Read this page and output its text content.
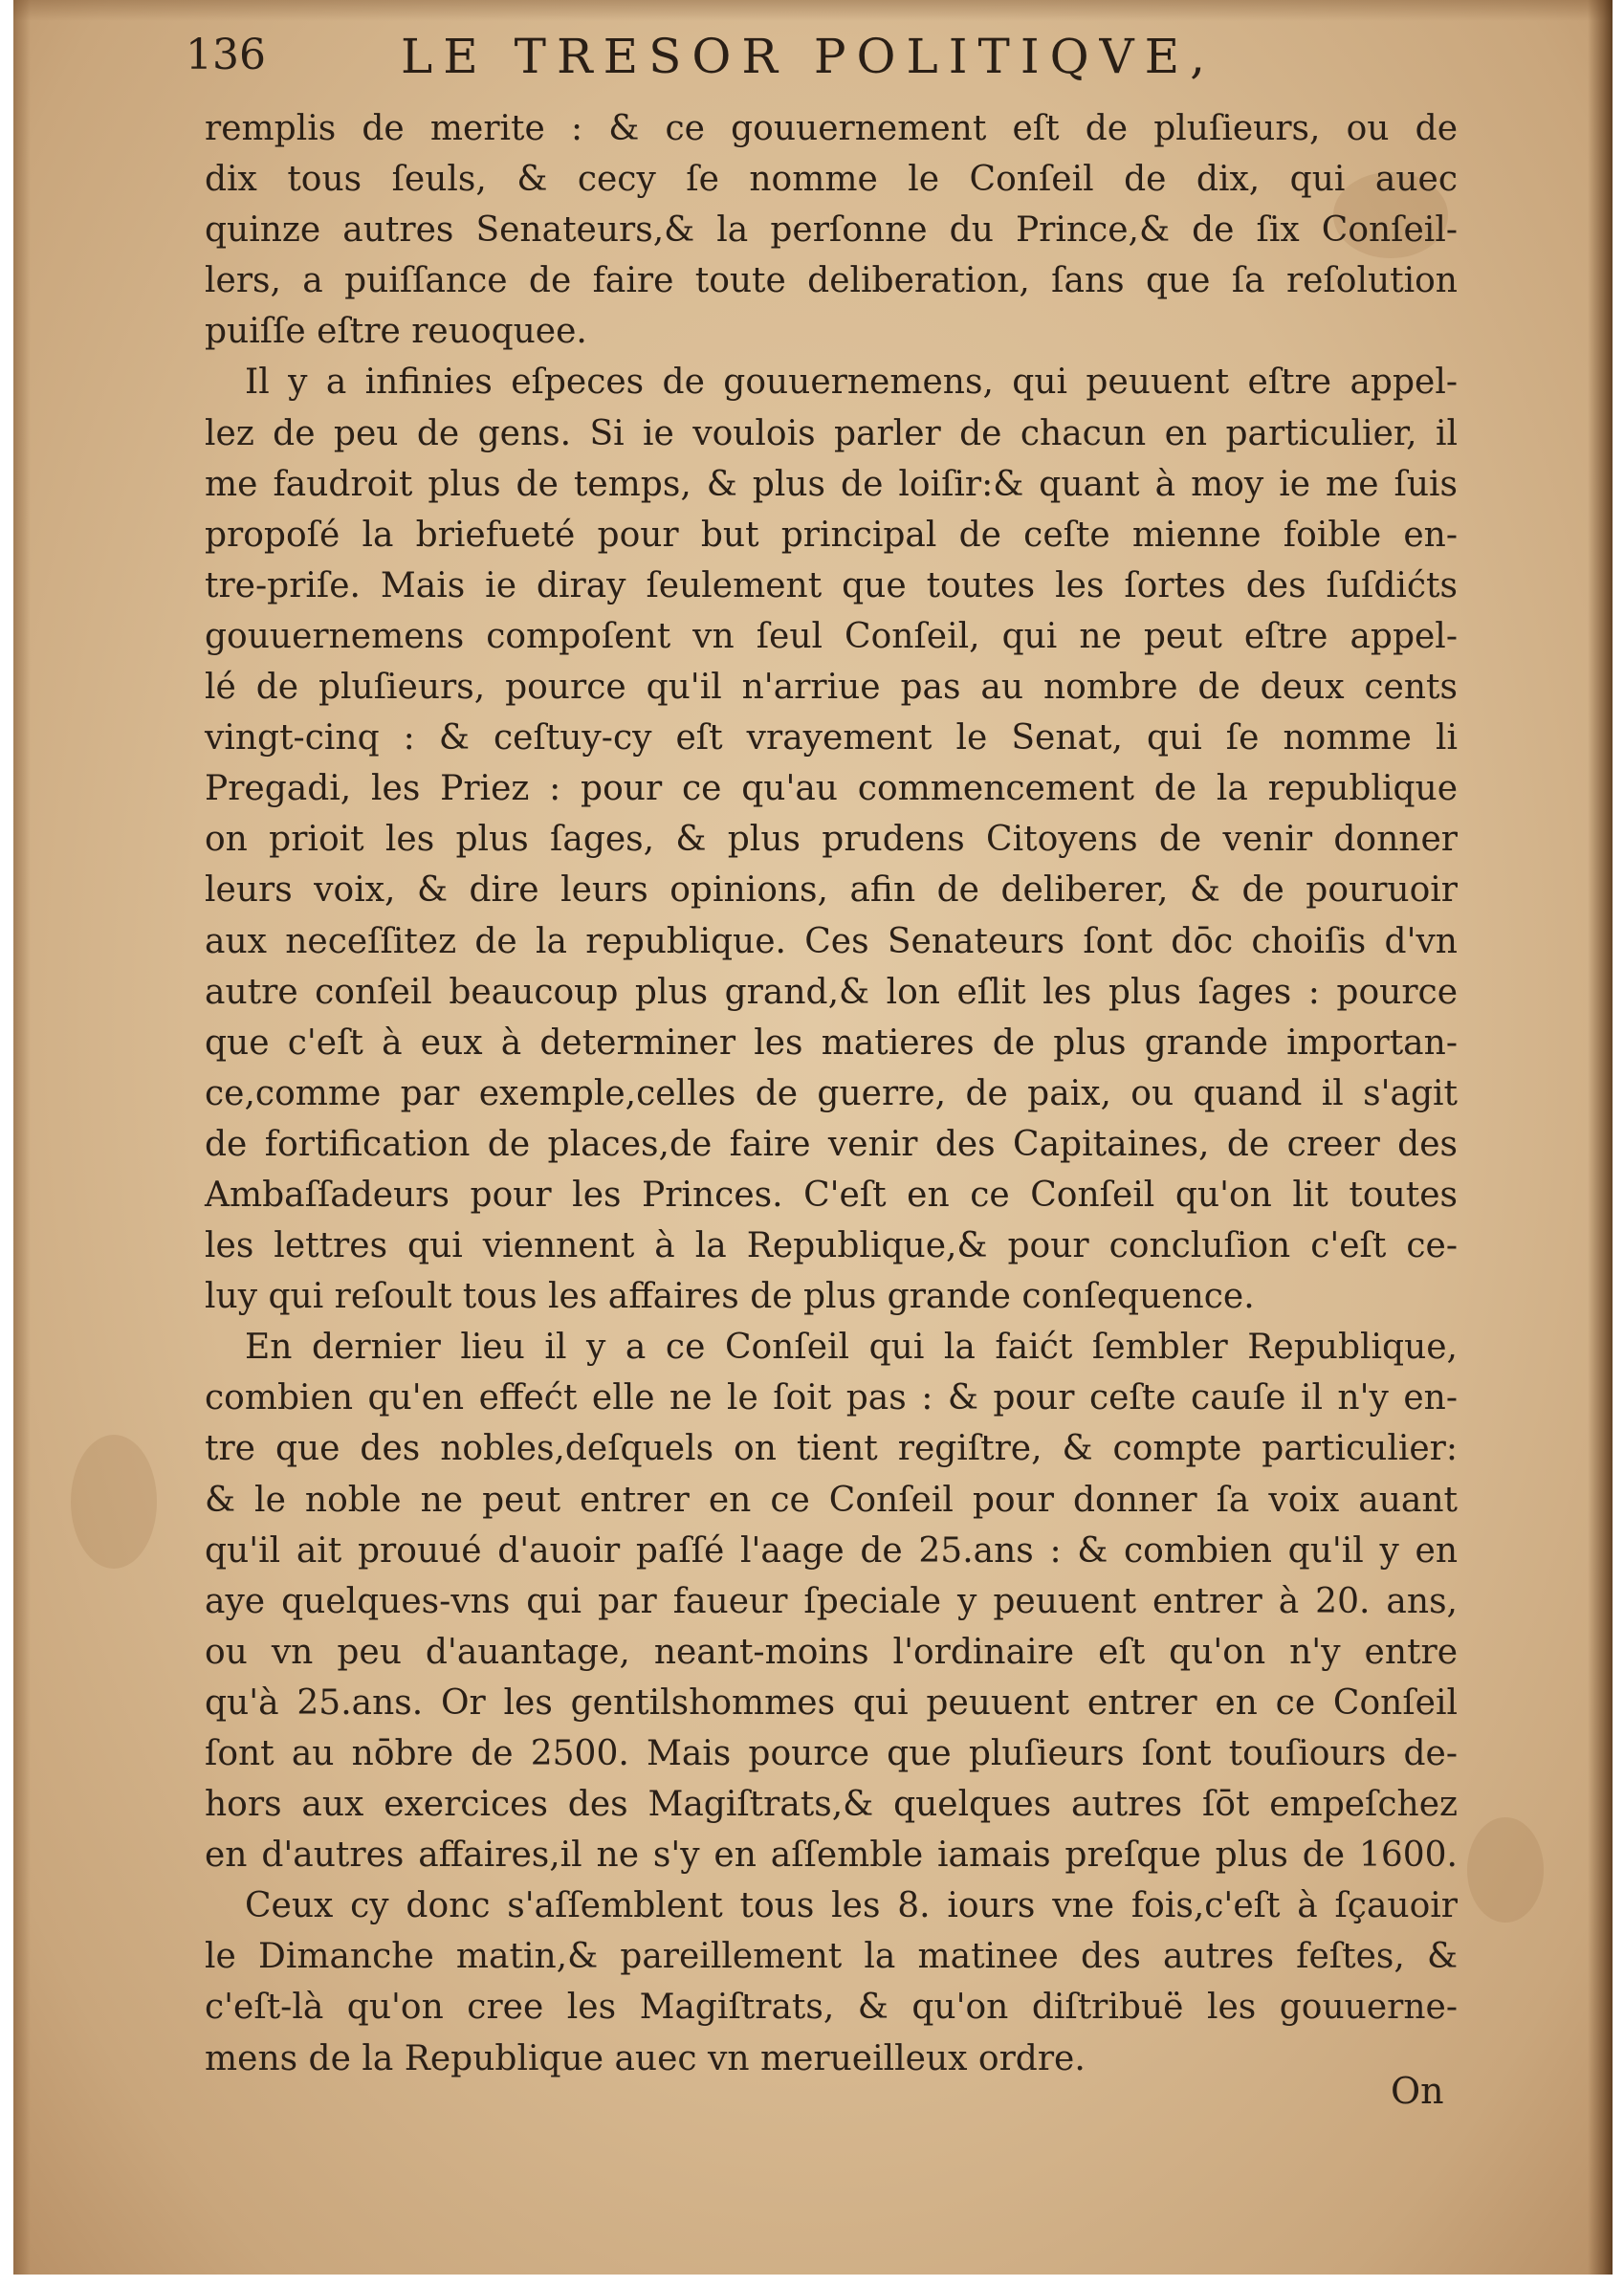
136	LE TRESOR POLITIQVE,
remplis de merite : & ce gouuernement eſt de pluſieurs, ou de
dix tous ſeuls, & cecy ſe nomme le Conſeil de dix, qui auec
quinze autres Senateurs,& la perſonne du Prince,& de ſix Conſeil-
lers, a puiſſance de faire toute deliberation, ſans que ſa reſolution
puiſſe eſtre reuoquee.
Il y a infinies eſpeces de gouuernemens, qui peuuent eſtre appel-
lez de peu de gens. Si ie voulois parler de chacun en particulier, il
me faudroit plus de temps, & plus de loiſir:& quant à moy ie me ſuis
propoſé la briefueté pour but principal de ceſte mienne foible en-
tre-priſe. Mais ie diray ſeulement que toutes les ſortes des ſuſdićts
gouuernemens compoſent vn ſeul Conſeil, qui ne peut eſtre appel-
lé de pluſieurs, pource qu'il n'arriue pas au nombre de deux cents
vingt-cinq : & ceſtuy-cy eſt vrayement le Senat, qui ſe nomme li
Pregadi, les Priez : pour ce qu'au commencement de la republique
on prioit les plus ſages, & plus prudens Citoyens de venir donner
leurs voix, & dire leurs opinions, afin de deliberer, & de pouruoir
aux neceſſitez de la republique. Ces Senateurs ſont dōc choiſis d'vn
autre conſeil beaucoup plus grand,& lon eſlit les plus ſages : pource
que c'eſt à eux à determiner les matieres de plus grande importan-
ce,comme par exemple,celles de guerre, de paix, ou quand il s'agit
de fortification de places,de faire venir des Capitaines, de creer des
Ambaſſadeurs pour les Princes. C'eſt en ce Conſeil qu'on lit toutes
les lettres qui viennent à la Republique,& pour concluſion c'eſt ce-
luy qui reſoult tous les affaires de plus grande conſequence.
En dernier lieu il y a ce Conſeil qui la faićt ſembler Republique,
combien qu'en effećt elle ne le ſoit pas : & pour ceſte cauſe il n'y en-
tre que des nobles,deſquels on tient regiſtre, & compte particulier:
& le noble ne peut entrer en ce Conſeil pour donner ſa voix auant
qu'il ait prouué d'auoir paſſé l'aage de 25.ans : & combien qu'il y en
aye quelques-vns qui par faueur ſpeciale y peuuent entrer à 20. ans,
ou vn peu d'auantage, neant-moins l'ordinaire eſt qu'on n'y entre
qu'à 25.ans. Or les gentilshommes qui peuuent entrer en ce Conſeil
ſont au nōbre de 2500. Mais pource que pluſieurs ſont touſiours de-
hors aux exercices des Magiſtrats,& quelques autres ſōt empeſchez
en d'autres affaires,il ne s'y en aſſemble iamais preſque plus de 1600.
Ceux cy donc s'aſſemblent tous les 8. iours vne fois,c'eſt à ſçauoir
le Dimanche matin,& pareillement la matinee des autres feſtes, &
c'eſt-là qu'on cree les Magiſtrats, & qu'on diſtribuë les gouuerne-
mens de la Republique auec vn merueilleux ordre.
On
